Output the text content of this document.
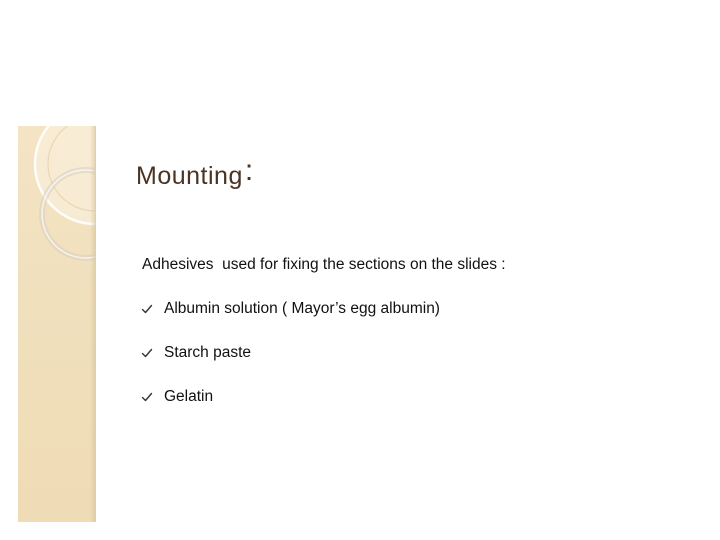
Mounting:

Adhesives  used for fixing the sections on the slides :

Albumin solution ( Mayor’s egg albumin)
Starch paste
Gelatin
